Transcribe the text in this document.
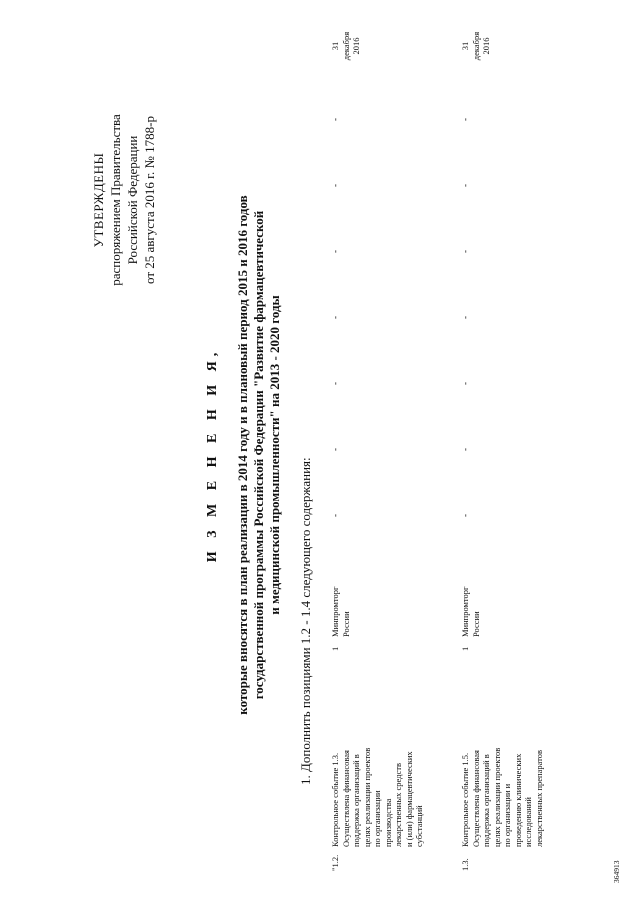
УТВЕРЖДЕНЫ распоряжением Правительства Российской Федерации от 25 августа 2016 г. № 1788-р
И З М Е Н Е Н И Я, которые вносятся в план реализации в 2014 году и в плановый период 2015 и 2016 годов государственной программы Российской Федерации "Развитие фармацевтической и медицинской промышленности" на 2013 - 2020 годы
1. Дополнить позициями 1.2 - 1.4 следующего содержания:
"1.2.
Контрольное событие 1.3. Осуществлена финансовая поддержка организаций в целях реализации проектов по организации производства лекарственных средств и (или) фармацевтических субстанций
1
Минпромторг России
-
-
-
-
-
-
-
31 декабря 2016
1.3.
Контрольное событие 1.5. Осуществлена финансовая поддержка организаций в целях реализации проектов по организации и проведению клинических исследований лекарственных препаратов
1
Минпромторг России
-
-
-
-
-
-
-
31 декабря 2016
364913
